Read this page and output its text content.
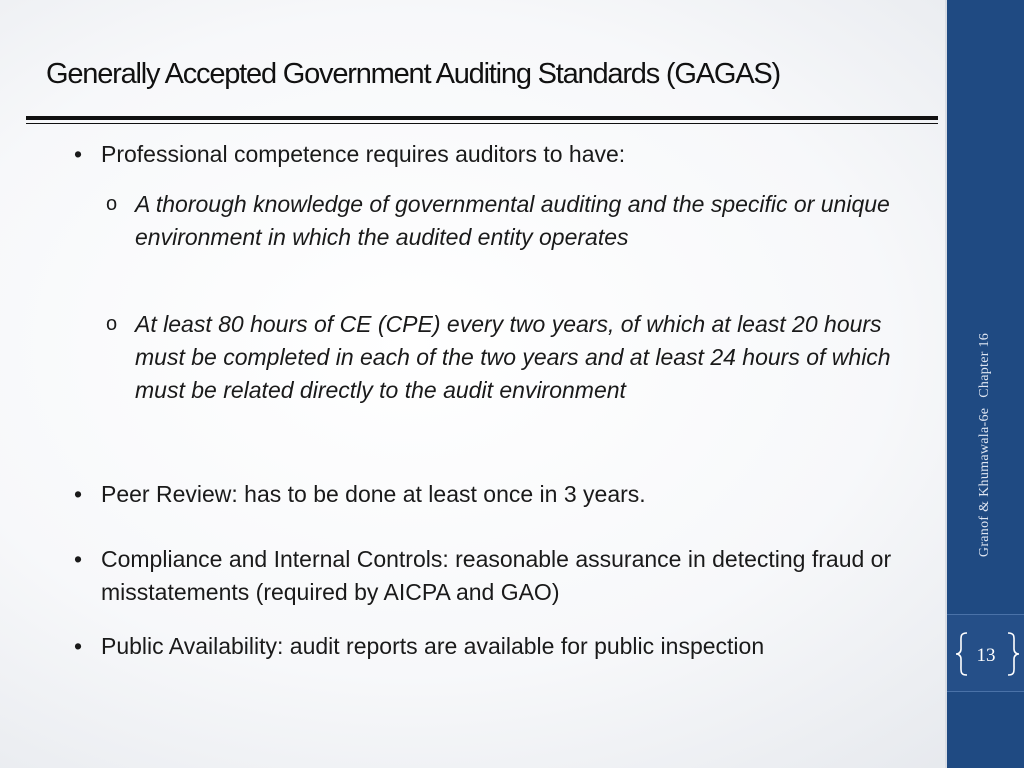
Generally Accepted Government Auditing Standards (GAGAS)
• Professional competence requires auditors to have:
o A thorough knowledge of governmental auditing and the specific or unique environment in which the audited entity operates
o At least 80 hours of CE (CPE) every two years, of which at least 20 hours must be completed in each of the two years and at least 24 hours of which must be related directly to the audit environment
• Peer Review: has to be done at least once in 3 years.
• Compliance and Internal Controls: reasonable assurance in detecting fraud or misstatements (required by AICPA and GAO)
• Public Availability: audit reports are available for public inspection
Granof & Khumawala-6eChapter 16
13
